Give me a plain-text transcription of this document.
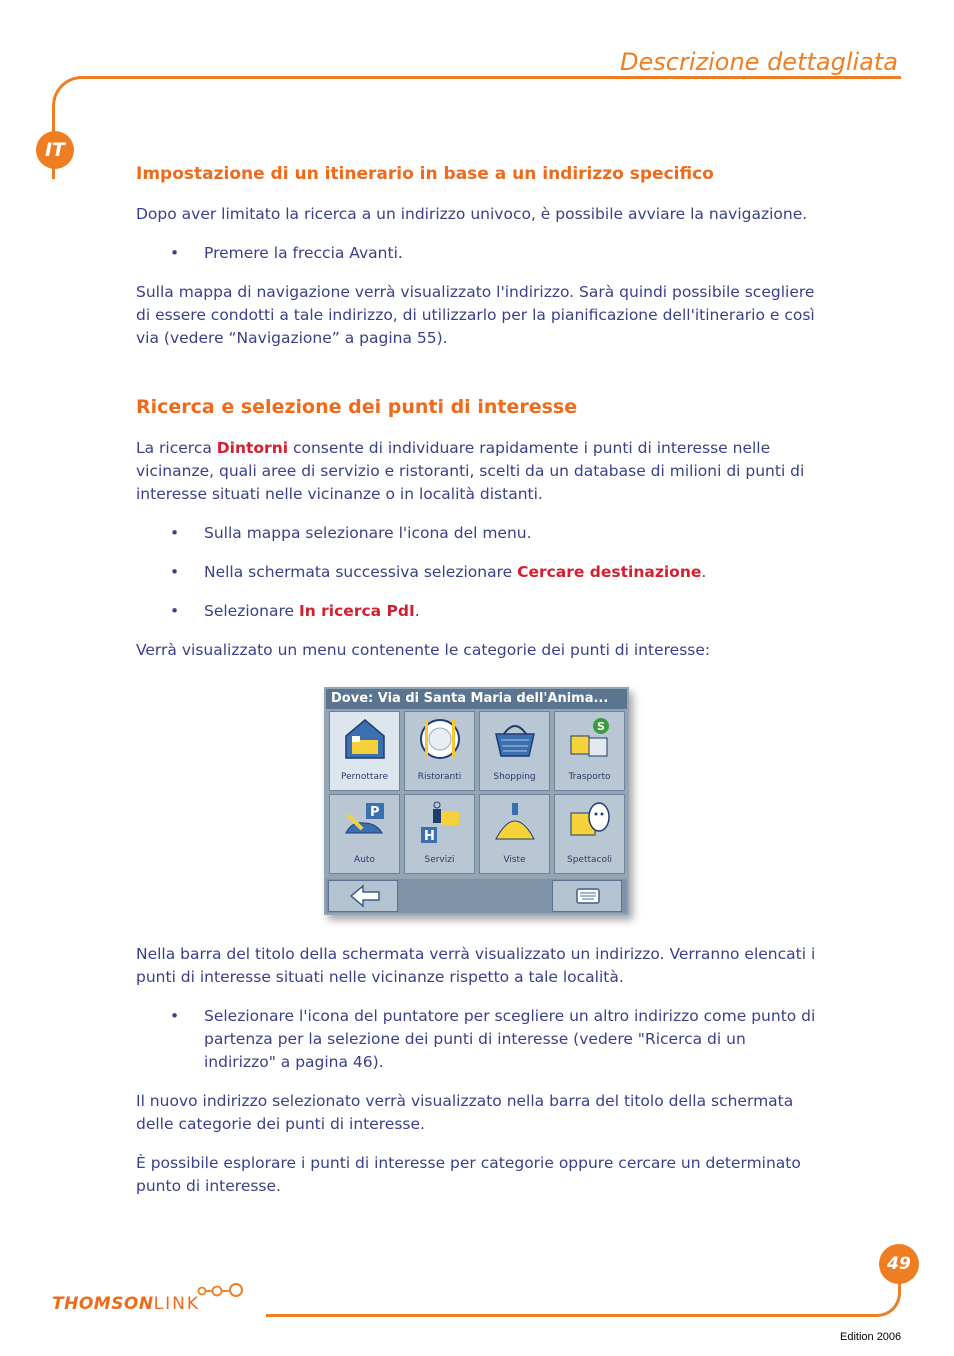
Descrizione dettagliata
IT
Impostazione di un itinerario in base a un indirizzo specifico

Dopo aver limitato la ricerca a un indirizzo univoco, è possibile avviare la navigazione.

• Premere la freccia Avanti.

Sulla mappa di navigazione verrà visualizzato l'indirizzo. Sarà quindi possibile scegliere di essere condotti a tale indirizzo, di utilizzarlo per la pianificazione dell'itinerario e così via (vedere “Navigazione” a pagina 55).

Ricerca e selezione dei punti di interesse

La ricerca Dintorni consente di individuare rapidamente i punti di interesse nelle vicinanze, quali aree di servizio e ristoranti, scelti da un database di milioni di punti di interesse situati nelle vicinanze o in località distanti.

• Sulla mappa selezionare l'icona del menu.
• Nella schermata successiva selezionare Cercare destinazione.
• Selezionare In ricerca PdI.

Verrà visualizzato un menu contenente le categorie dei punti di interesse:

Dove: Via di Santa Maria dell'Anima...
Pernottare	Ristoranti	Shopping
S
Trasporto
P
Auto
H
Servizi	Viste	Spettacoli

Nella barra del titolo della schermata verrà visualizzato un indirizzo. Verranno elencati i punti di interesse situati nelle vicinanze rispetto a tale località.

• Selezionare l'icona del puntatore per scegliere un altro indirizzo come punto di partenza per la selezione dei punti di interesse (vedere "Ricerca di un indirizzo" a pagina 46).

Il nuovo indirizzo selezionato verrà visualizzato nella barra del titolo della schermata delle categorie dei punti di interesse.

È possibile esplorare i punti di interesse per categorie oppure cercare un determinato punto di interesse.

49
THOMSONLINK
Edition 2006
